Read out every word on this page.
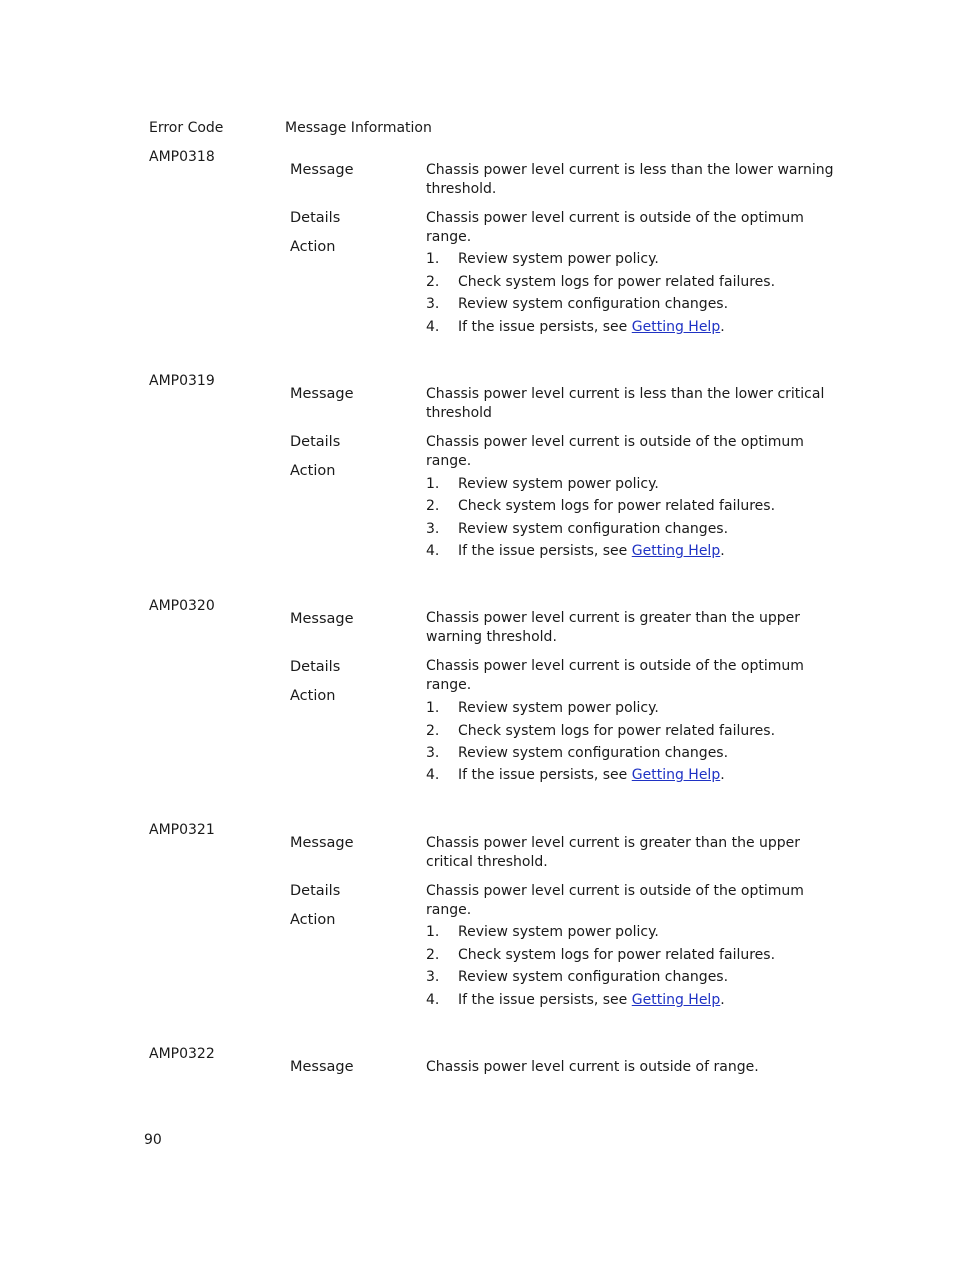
Error Code	Message Information
AMP0318
Message	Chassis power level current is less than the lower warning threshold.
Details	Chassis power level current is outside of the optimum range.
Action
1. Review system power policy.
2. Check system logs for power related failures.
3. Review system configuration changes.
4. If the issue persists, see Getting Help.
AMP0319
Message	Chassis power level current is less than the lower critical threshold
Details	Chassis power level current is outside of the optimum range.
Action
1. Review system power policy.
2. Check system logs for power related failures.
3. Review system configuration changes.
4. If the issue persists, see Getting Help.
AMP0320
Message	Chassis power level current is greater than the upper warning threshold.
Details	Chassis power level current is outside of the optimum range.
Action
1. Review system power policy.
2. Check system logs for power related failures.
3. Review system configuration changes.
4. If the issue persists, see Getting Help.
AMP0321
Message	Chassis power level current is greater than the upper critical threshold.
Details	Chassis power level current is outside of the optimum range.
Action
1. Review system power policy.
2. Check system logs for power related failures.
3. Review system configuration changes.
4. If the issue persists, see Getting Help.
AMP0322
Message	Chassis power level current is outside of range.
90
